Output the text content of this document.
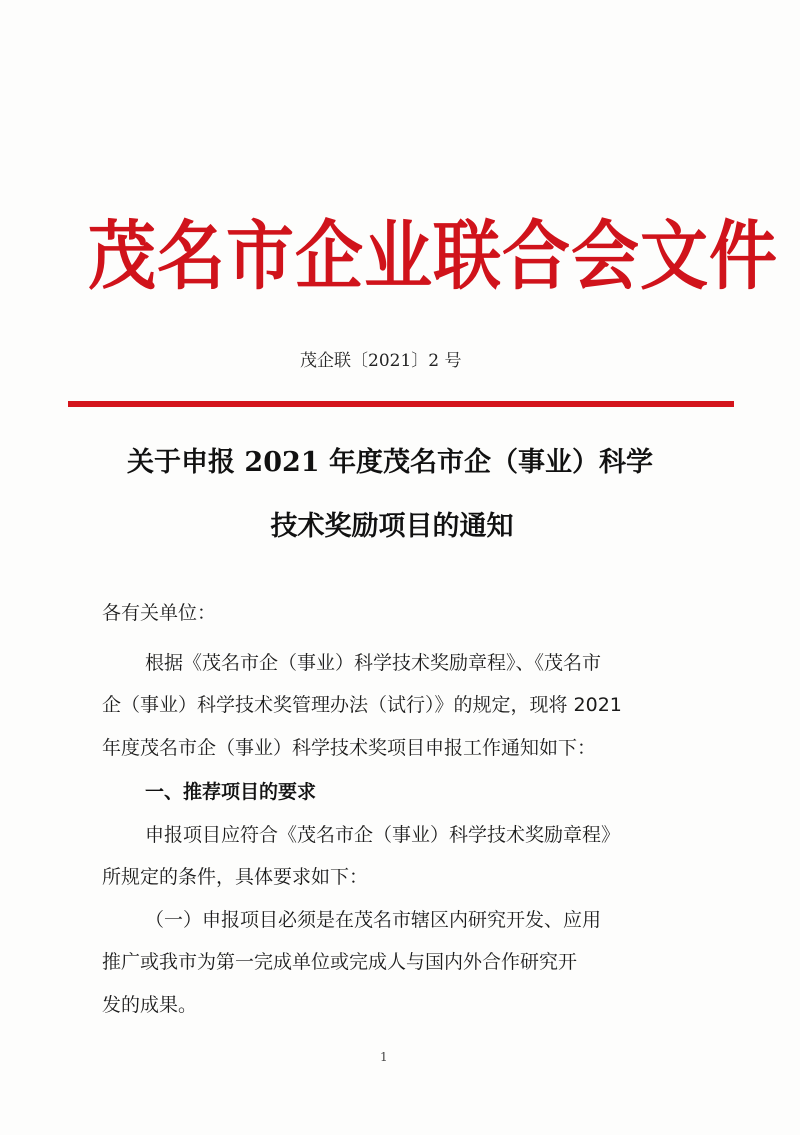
茂名市企业联合会文件
茂企联〔2021〕2 号
关于申报 2021 年度茂名市企（事业）科学
技术奖励项目的通知

各有关单位：

根据《茂名市企（事业）科学技术奖励章程》、《茂名市

企（事业）科学技术奖管理办法（试行）》的规定，现将 2021

年度茂名市企（事业）科学技术奖项目申报工作通知如下：

一、推荐项目的要求

申报项目应符合《茂名市企（事业）科学技术奖励章程》

所规定的条件，具体要求如下：

（一）申报项目必须是在茂名市辖区内研究开发、应用

推广或我市为第一完成单位或完成人与国内外合作研究开

发的成果。

1
